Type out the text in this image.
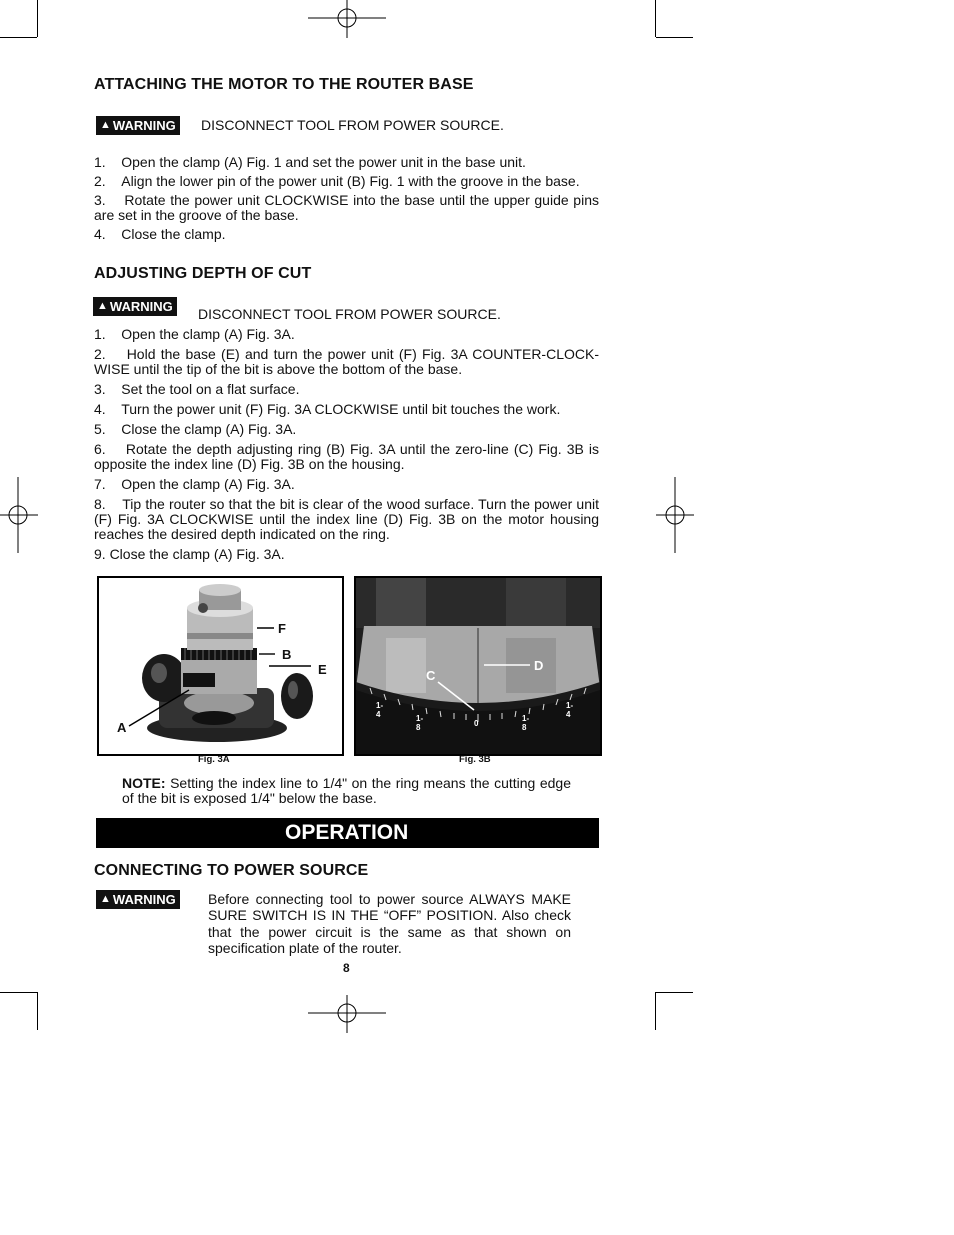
ATTACHING THE MOTOR TO THE ROUTER BASE
▲ WARNING DISCONNECT TOOL FROM POWER SOURCE.
1.    Open the clamp (A) Fig. 1 and set the power unit in the base unit.
2.    Align the lower pin of the power unit (B) Fig. 1 with the groove in the base.
3.    Rotate the power unit CLOCKWISE into the base until the upper guide pins are set in the groove of the base.
4.    Close the clamp.
ADJUSTING DEPTH OF CUT
▲ WARNING DISCONNECT TOOL FROM POWER SOURCE.
1.    Open the clamp (A) Fig. 3A.
2.    Hold the base (E) and turn the power unit (F) Fig. 3A COUNTER-CLOCK-WISE until the tip of the bit is above the bottom of the base.
3.    Set the tool on a flat surface.
4.    Turn the power unit (F) Fig. 3A CLOCKWISE until bit touches the work.
5.    Close the clamp (A) Fig. 3A.
6.    Rotate the depth adjusting ring (B) Fig. 3A until the zero-line (C) Fig. 3B is opposite the index line (D) Fig. 3B on the housing.
7.    Open the clamp (A) Fig. 3A.
8.    Tip the router so that the bit is clear of the wood surface. Turn the power unit (F) Fig. 3A CLOCKWISE until the index line (D) Fig. 3B on the motor housing reaches the desired depth indicated on the ring.
9. Close the clamp (A) Fig. 3A.
F
B
E
A
Fig. 3A
1-4	1-8	0
1-8
1-4
C
D
Fig. 3B
NOTE: Setting the index line to 1/4" on the ring means the cutting edge of the bit is exposed 1/4" below the base.
OPERATION
CONNECTING TO POWER SOURCE
▲ WARNING Before connecting tool to power source ALWAYS MAKE SURE SWITCH IS IN THE “OFF” POSITION. Also check that the power circuit is the same as that shown on specification plate of the router.
8
